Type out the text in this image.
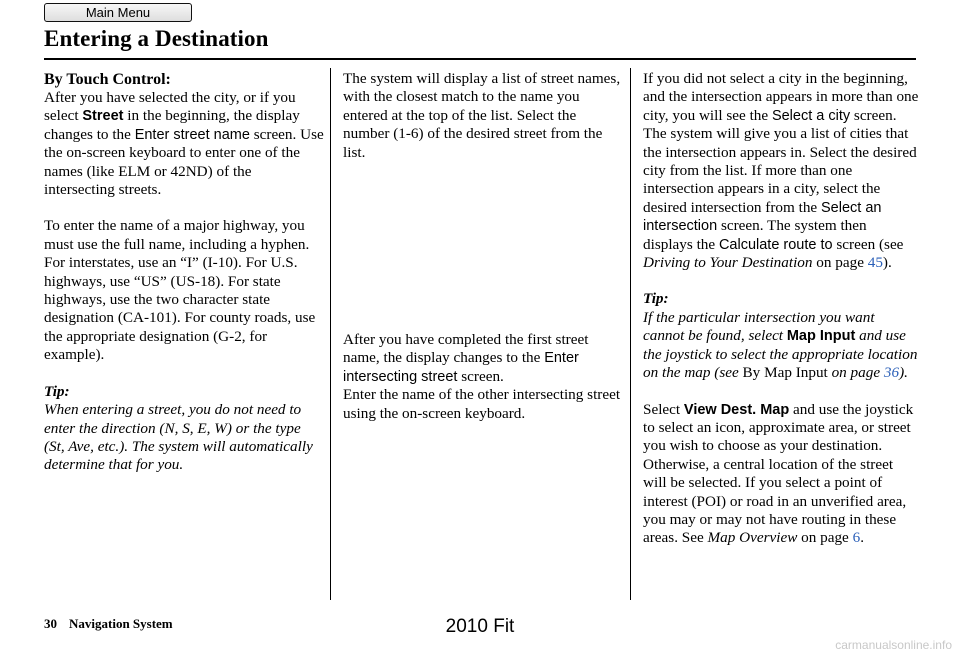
Main Menu
Entering a Destination
By Touch Control:

After you have selected the city, or if you select Street in the beginning, the display changes to the Enter street name screen. Use the on-screen keyboard to enter one of the names (like ELM or 42ND) of the intersecting streets.

To enter the name of a major highway, you must use the full name, including a hyphen. For interstates, use an “I” (I-10). For U.S. highways, use “US” (US-18). For state highways, use the two character state designation (CA-101). For county roads, use the appropriate designation (G-2, for example).

Tip:

When entering a street, you do not need to enter the direction (N, S, E, W) or the type (St, Ave, etc.). The system will automatically determine that for you.

The system will display a list of street names, with the closest match to the name you entered at the top of the list. Select the number (1-6) of the desired street from the list.

After you have completed the first street name, the display changes to the Enter intersecting street screen.

Enter the name of the other intersecting street using the on-screen keyboard.

If you did not select a city in the beginning, and the intersection appears in more than one city, you will see the Select a city screen. The system will give you a list of cities that the intersection appears in. Select the desired city from the list. If more than one intersection appears in a city, select the desired intersection from the Select an intersection screen. The system then displays the Calculate route to screen (see Driving to Your Destination on page 45).

Tip:

If the particular intersection you want cannot be found, select Map Input and use the joystick to select the appropriate location on the map (see By Map Input on page 36).

Select View Dest. Map and use the joystick to select an icon, approximate area, or street you wish to choose as your destination. Otherwise, a central location of the street will be selected. If you select a point of interest (POI) or road in an unverified area, you may or may not have routing in these areas. See Map Overview on page 6.

30 Navigation System	2010 Fit
carmanualsonline.info
